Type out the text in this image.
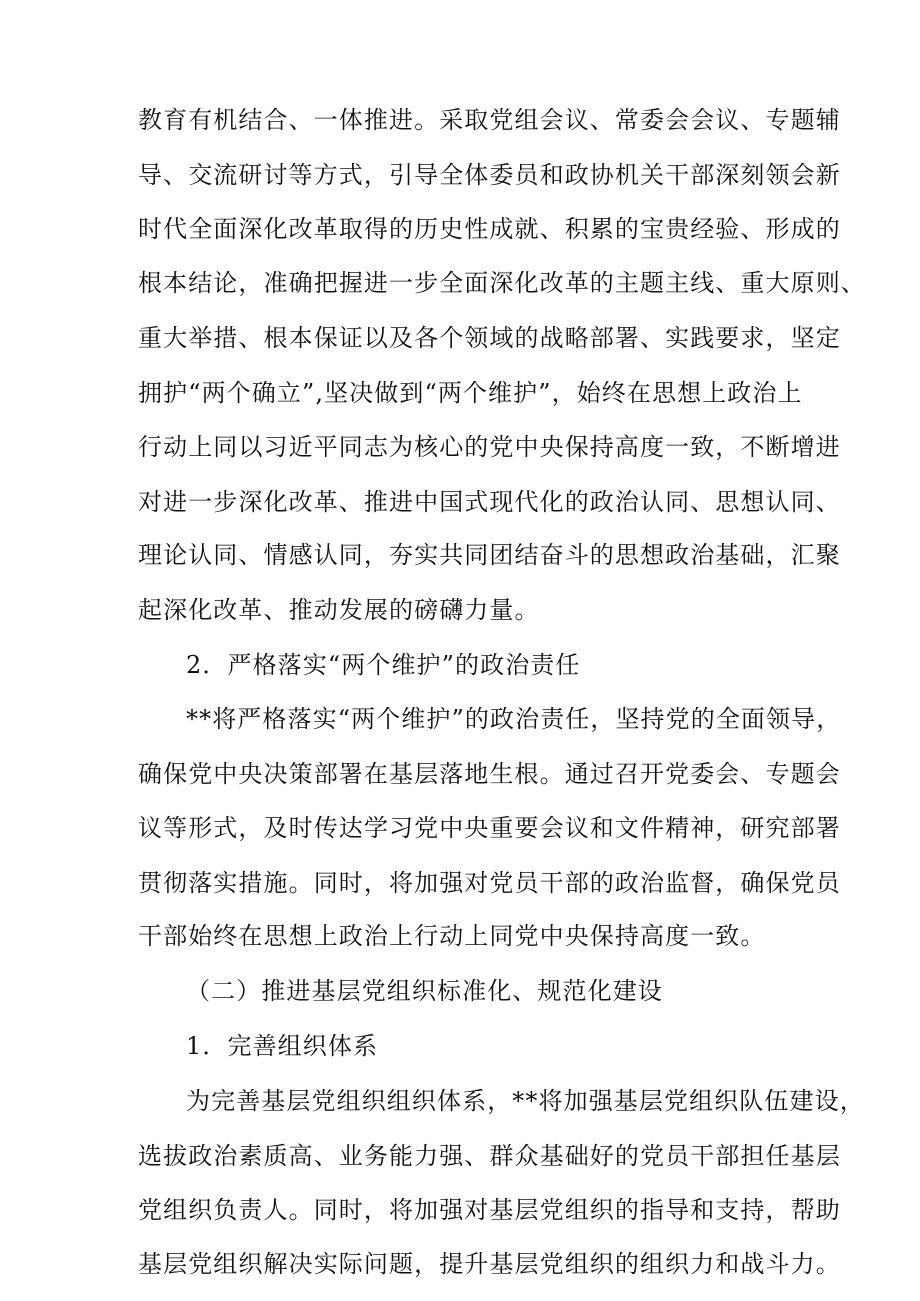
教育有机结合、一体推进。采取党组会议、常委会会议、专题辅
导、交流研讨等方式，引导全体委员和政协机关干部深刻领会新
时代全面深化改革取得的历史性成就、积累的宝贵经验、形成的
根本结论，准确把握进一步全面深化改革的主题主线、重大原则、
重大举措、根本保证以及各个领域的战略部署、实践要求，坚定
拥护“两个确立”,坚决做到“两个维护”，始终在思想上政治上
行动上同以习近平同志为核心的党中央保持高度一致，不断增进
对进一步深化改革、推进中国式现代化的政治认同、思想认同、
理论认同、情感认同，夯实共同团结奋斗的思想政治基础，汇聚
起深化改革、推动发展的磅礴力量。
2．严格落实“两个维护”的政治责任
**将严格落实“两个维护”的政治责任，坚持党的全面领导，
确保党中央决策部署在基层落地生根。通过召开党委会、专题会
议等形式，及时传达学习党中央重要会议和文件精神，研究部署
贯彻落实措施。同时，将加强对党员干部的政治监督，确保党员
干部始终在思想上政治上行动上同党中央保持高度一致。
（二）推进基层党组织标准化、规范化建设
1．完善组织体系
为完善基层党组织组织体系，**将加强基层党组织队伍建设，
选拔政治素质高、业务能力强、群众基础好的党员干部担任基层
党组织负责人。同时，将加强对基层党组织的指导和支持，帮助
基层党组织解决实际问题，提升基层党组织的组织力和战斗力。
